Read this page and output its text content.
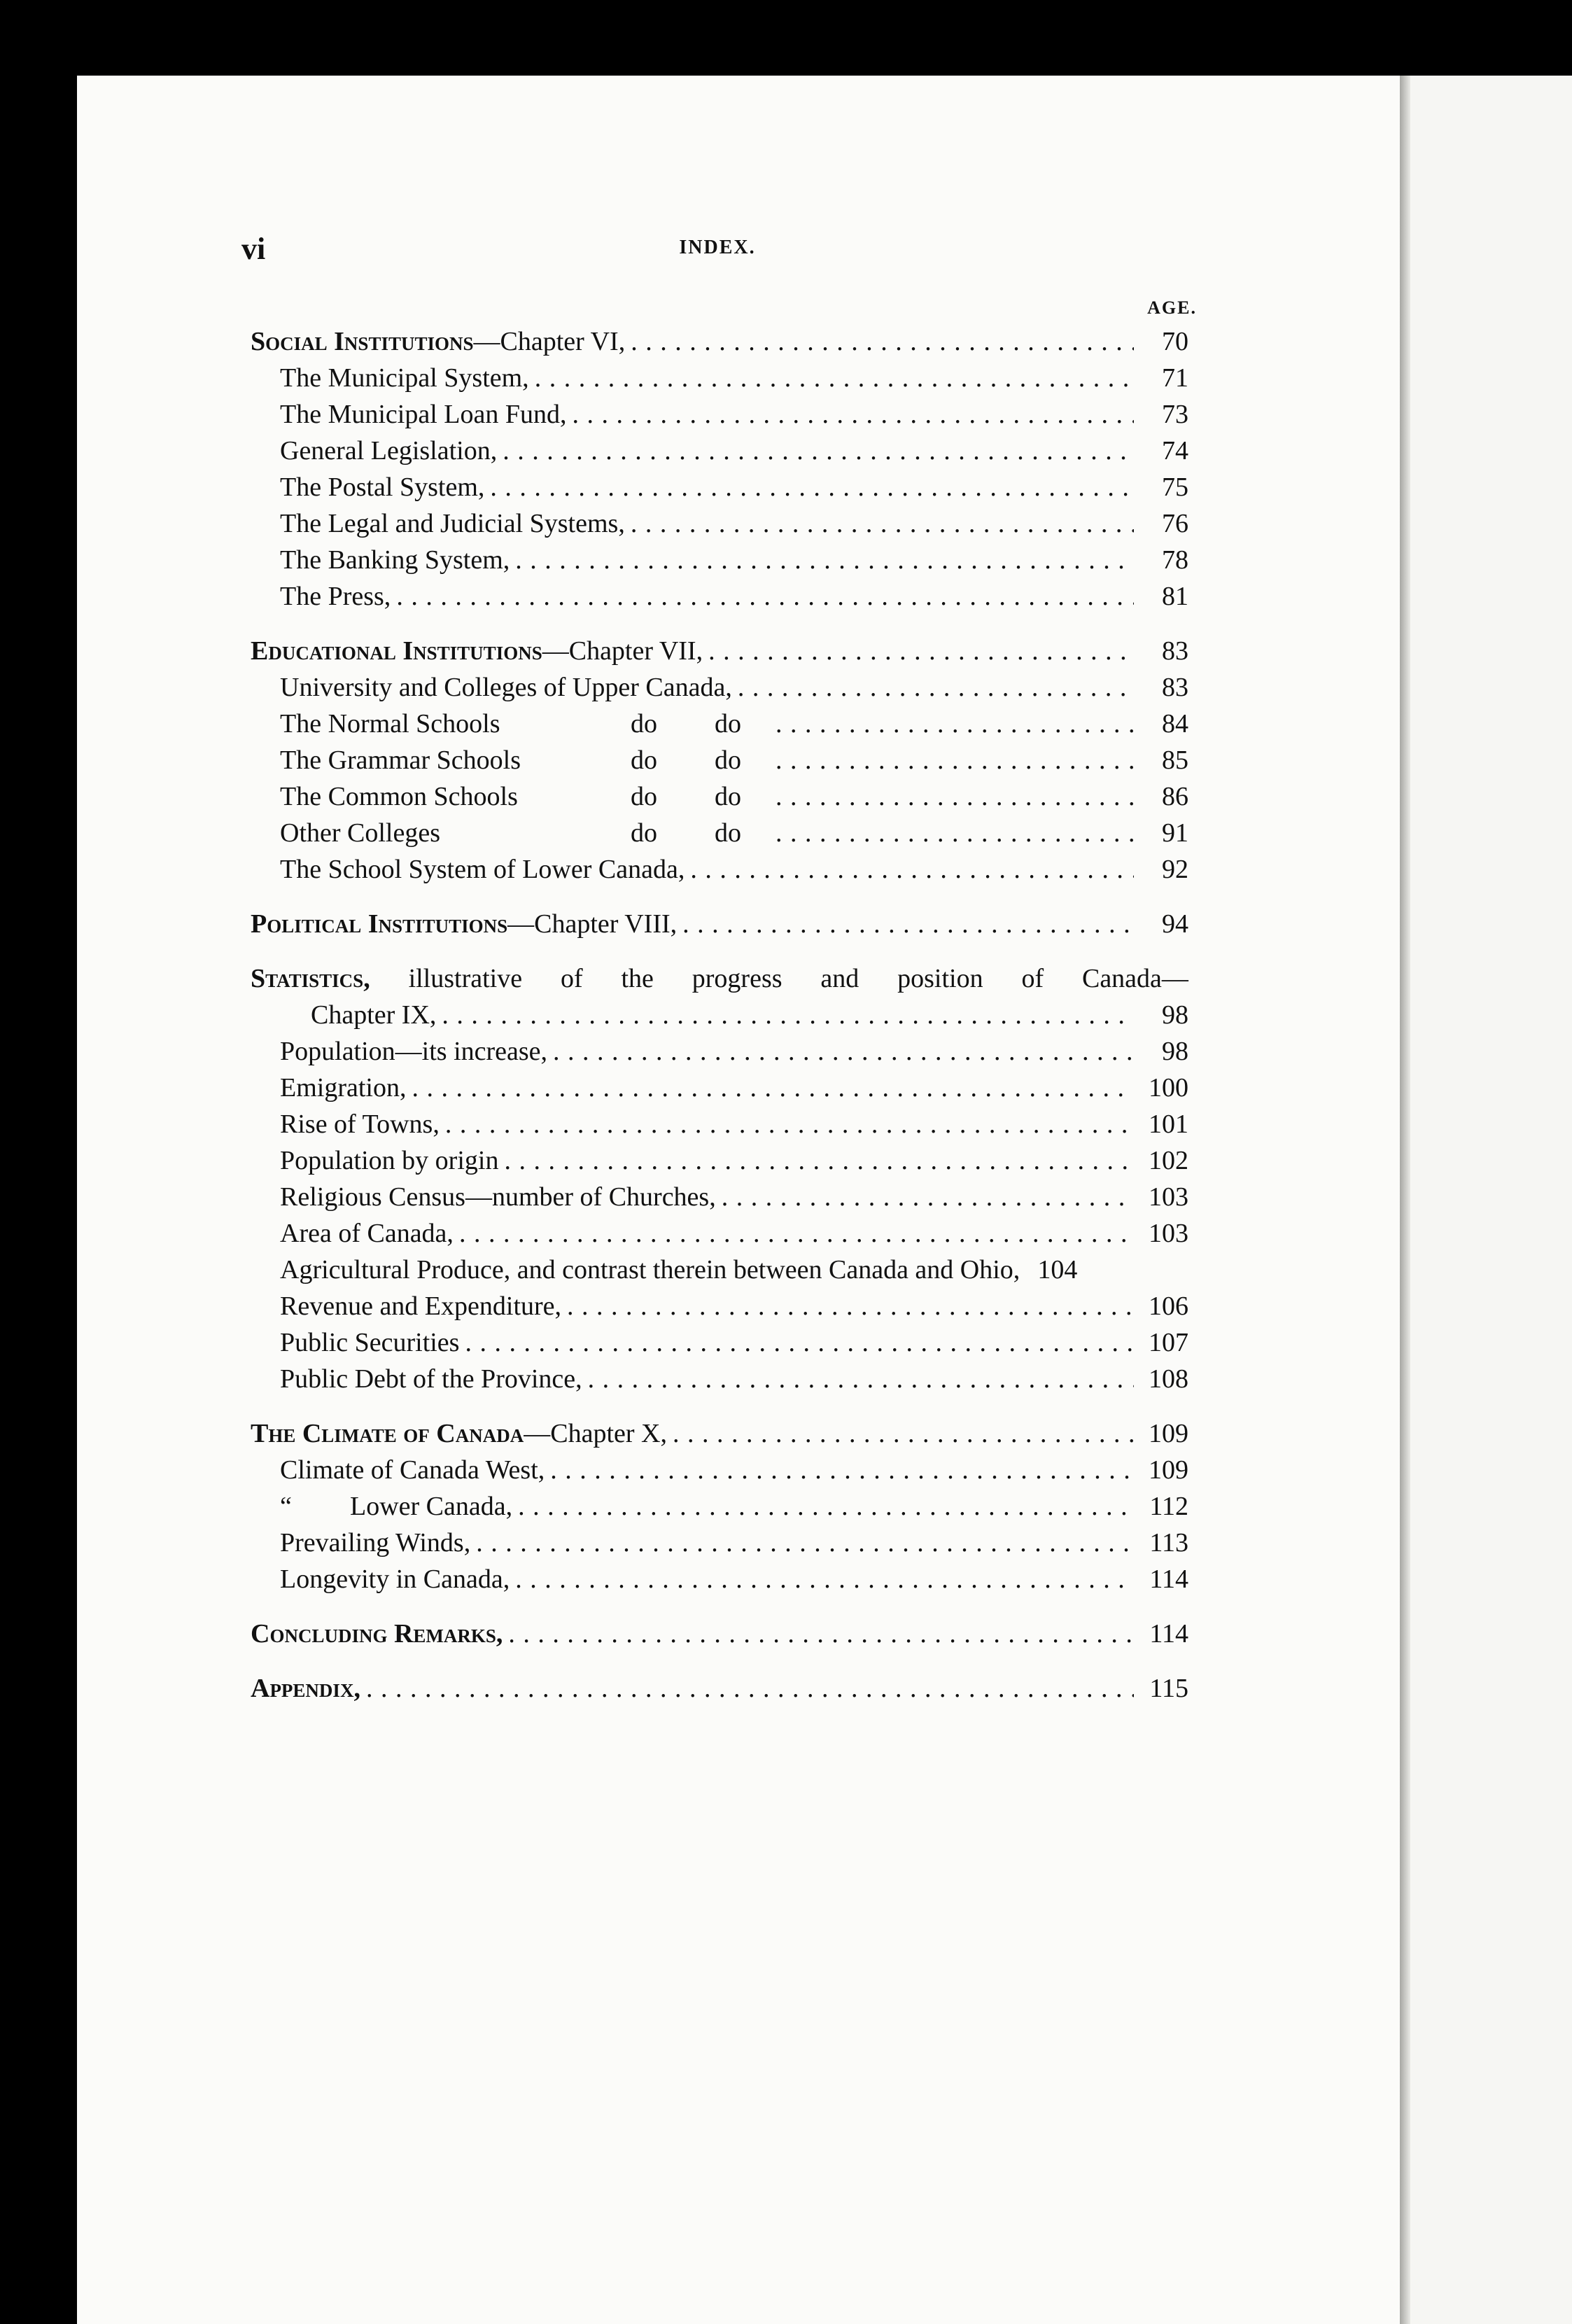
vi	INDEX.
AGE.
Social Institutions—Chapter VI, . . .	70
The Municipal System, . . .	71
The Municipal Loan Fund, . . .	73
General Legislation, . . .	74
The Postal System, . . .	75
The Legal and Judicial Systems, . . .	76
The Banking System, . . .	78
The Press, . . .	81
Educational Institutions—Chapter VII, . . .	83
University and Colleges of Upper Canada, . . .	83
The Normal Schools	do	do . . .	84
The Grammar Schools	do	do . . .	85
The Common Schools	do	do . . .	86
Other Colleges	do	do . . .	91
The School System of Lower Canada, . . .	92
Political Institutions—Chapter VIII, . . .	94
Statistics, illustrative of the progress and position of Canada—
Chapter IX, . . .	98
Population—its increase, . . .	98
Emigration, . . .	100
Rise of Towns, . . .	101
Population by origin . . .	102
Religious Census—number of Churches, . . .	103
Area of Canada, . . .	103
Agricultural Produce, and contrast therein between Canada and Ohio, 104
Revenue and Expenditure, . . .	106
Public Securities . . .	107
Public Debt of the Province, . . .	108
The Climate of Canada—Chapter X, . . .	109
Climate of Canada West, . . .	109
“	Lower Canada, . . .	112
Prevailing Winds, . . .	113
Longevity in Canada, . . .	114
Concluding Remarks, . . .	114
Appendix, . . .	115
